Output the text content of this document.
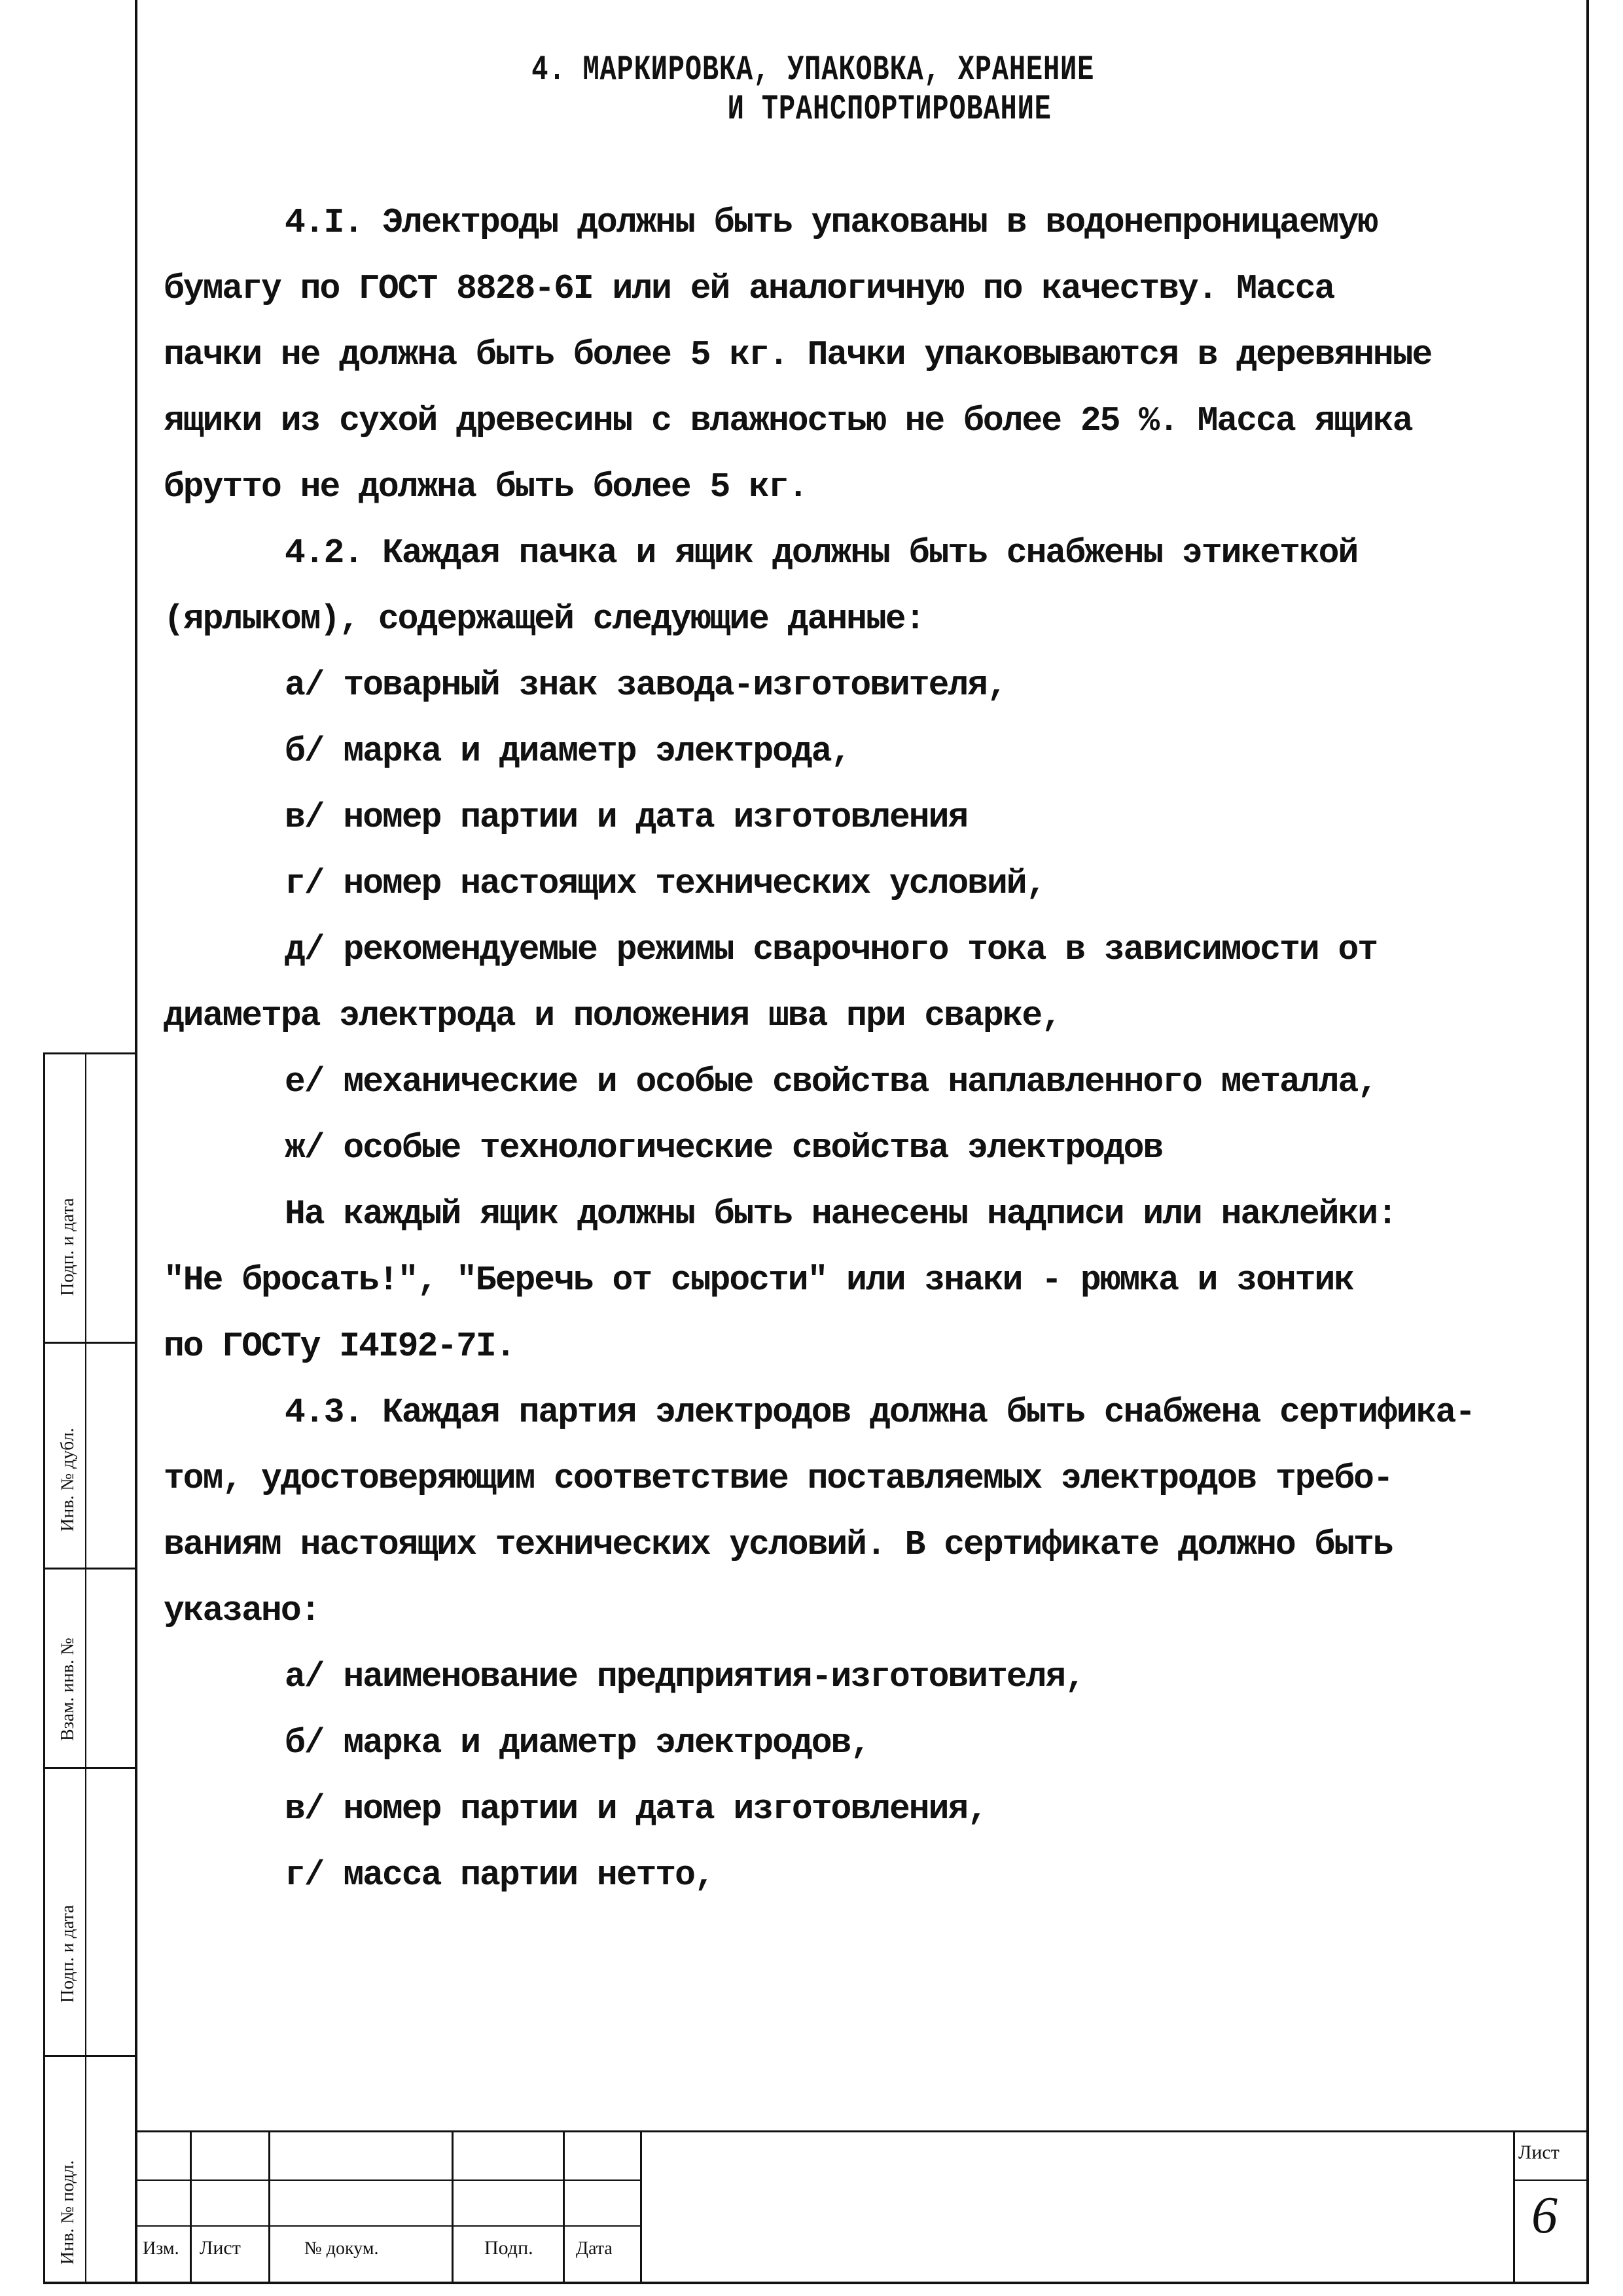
Подп. и дата
Инв. № дубл.
Взам. инв. №
Подп. и дата
Инв. № подл.
4. МАРКИРОВКА, УПАКОВКА, ХРАНЕНИЕ
И ТРАНСПОРТИРОВАНИЕ
4.I. Электроды должны быть упакованы в водонепроницаемую
бумагу по ГОСТ 8828-6I или ей аналогичную по качеству. Масса
пачки не должна быть более 5 кг. Пачки упаковываются в деревянные
ящики из сухой древесины с влажностью не более 25 %. Масса ящика
брутто не должна быть более 5 кг.
4.2. Каждая пачка и ящик должны быть снабжены этикеткой
(ярлыком), содержащей следующие данные:
а/ товарный знак завода-изготовителя,
б/ марка и диаметр электрода,
в/ номер партии и дата изготовления
г/ номер настоящих технических условий,
д/ рекомендуемые режимы сварочного тока в зависимости от
диаметра электрода и положения шва при сварке,
е/ механические и особые свойства наплавленного металла,
ж/ особые технологические свойства электродов
На каждый ящик должны быть нанесены надписи или наклейки:
"Не бросать!", "Беречь от сырости" или знаки - рюмка и зонтик
по ГОСТу I4I92-7I.
4.3. Каждая партия электродов должна быть снабжена сертифика-
том, удостоверяющим соответствие поставляемых электродов требо-
ваниям настоящих технических условий. В сертификате должно быть
указано:
а/ наименование предприятия-изготовителя,
б/ марка и диаметр электродов,
в/ номер партии и дата изготовления,
г/ масса партии нетто,
Изм. Лист	№ докум.	Подп. Дата
Лист
6
